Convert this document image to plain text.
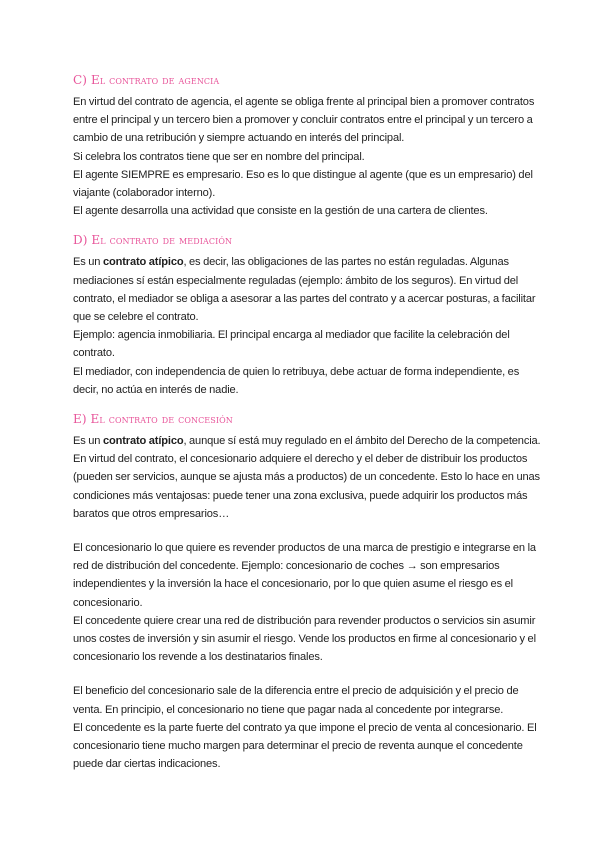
C) El contrato de agencia

En virtud del contrato de agencia, el agente se obliga frente al principal bien a promover contratos entre el principal y un tercero bien a promover y concluir contratos entre el principal y un tercero a cambio de una retribución y siempre actuando en interés del principal.

Si celebra los contratos tiene que ser en nombre del principal.

El agente SIEMPRE es empresario. Eso es lo que distingue al agente (que es un empresario) del viajante (colaborador interno).

El agente desarrolla una actividad que consiste en la gestión de una cartera de clientes.

D) El contrato de mediación

Es un contrato atípico, es decir, las obligaciones de las partes no están reguladas. Algunas mediaciones sí están especialmente reguladas (ejemplo: ámbito de los seguros). En virtud del contrato, el mediador se obliga a asesorar a las partes del contrato y a acercar posturas, a facilitar que se celebre el contrato.

Ejemplo: agencia inmobiliaria. El principal encarga al mediador que facilite la celebración del contrato.

El mediador, con independencia de quien lo retribuya, debe actuar de forma independiente, es decir, no actúa en interés de nadie.

E) El contrato de concesión

Es un contrato atípico, aunque sí está muy regulado en el ámbito del Derecho de la competencia. En virtud del contrato, el concesionario adquiere el derecho y el deber de distribuir los productos (pueden ser servicios, aunque se ajusta más a productos) de un concedente. Esto lo hace en unas condiciones más ventajosas: puede tener una zona exclusiva, puede adquirir los productos más baratos que otros empresarios…

El concesionario lo que quiere es revender productos de una marca de prestigio e integrarse en la red de distribución del concedente. Ejemplo: concesionario de coches → son empresarios independientes y la inversión la hace el concesionario, por lo que quien asume el riesgo es el concesionario.

El concedente quiere crear una red de distribución para revender productos o servicios sin asumir unos costes de inversión y sin asumir el riesgo. Vende los productos en firme al concesionario y el concesionario los revende a los destinatarios finales.

El beneficio del concesionario sale de la diferencia entre el precio de adquisición y el precio de venta. En principio, el concesionario no tiene que pagar nada al concedente por integrarse.

El concedente es la parte fuerte del contrato ya que impone el precio de venta al concesionario. El concesionario tiene mucho margen para determinar el precio de reventa aunque el concedente puede dar ciertas indicaciones.
